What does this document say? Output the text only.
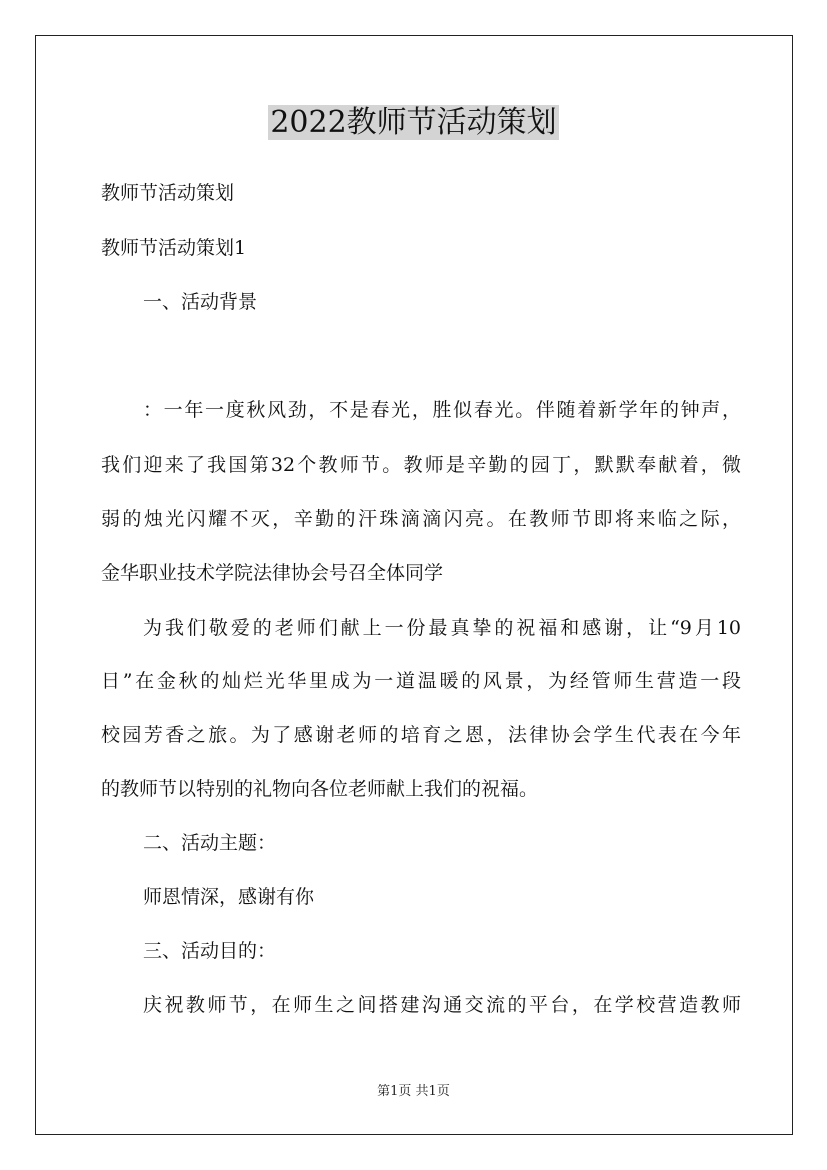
2022教师节活动策划
教师节活动策划
教师节活动策划1
一、活动背景
：一年一度秋风劲，不是春光，胜似春光。伴随着新学年的钟声，
我们迎来了我国第32个教师节。教师是辛勤的园丁，默默奉献着，微
弱的烛光闪耀不灭，辛勤的汗珠滴滴闪亮。在教师节即将来临之际，
金华职业技术学院法律协会号召全体同学
为我们敬爱的老师们献上一份最真挚的祝福和感谢，让“9月10
日”在金秋的灿烂光华里成为一道温暖的风景，为经管师生营造一段
校园芳香之旅。为了感谢老师的培育之恩，法律协会学生代表在今年
的教师节以特别的礼物向各位老师献上我们的祝福。
二、活动主题：
师恩情深，感谢有你
三、活动目的：
庆祝教师节，在师生之间搭建沟通交流的平台，在学校营造教师
第1页 共1页
